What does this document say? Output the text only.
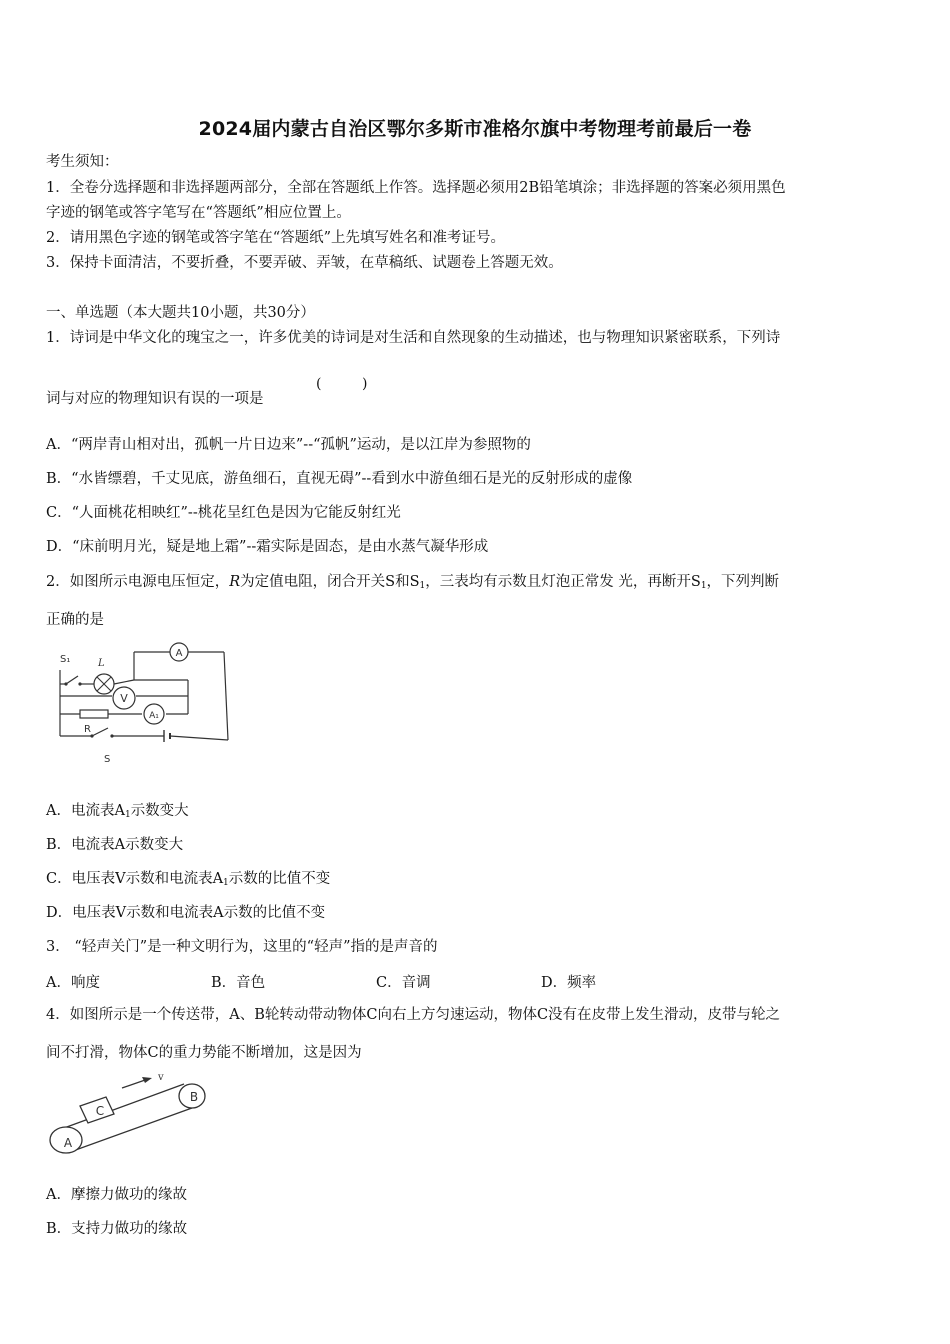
2024届内蒙古自治区鄂尔多斯市准格尔旗中考物理考前最后一卷
考生须知：
1．全卷分选择题和非选择题两部分，全部在答题纸上作答。选择题必须用2B铅笔填涂；非选择题的答案必须用黑色
字迹的钢笔或答字笔写在“答题纸”相应位置上。
2．请用黑色字迹的钢笔或答字笔在“答题纸”上先填写姓名和准考证号。
3．保持卡面清洁，不要折叠，不要弄破、弄皱，在草稿纸、试题卷上答题无效。
一、单选题（本大题共10小题，共30分）
1．诗词是中华文化的瑰宝之一，许多优美的诗词是对生活和自然现象的生动描述，也与物理知识紧密联系，下列诗
词与对应的物理知识有误的一项是
(	)
A．“两岸青山相对出，孤帆一片日边来”--“孤帆”运动，是以江岸为参照物的
B．“水皆缥碧，千丈见底，游鱼细石，直视无碍”--看到水中游鱼细石是光的反射形成的虚像
C．“人面桃花相映红”--桃花呈红色是因为它能反射红光
D．“床前明月光，疑是地上霜”--霜实际是固态，是由水蒸气凝华形成
2．如图所示电源电压恒定，R为定值电阻，闭合开关S和$S_1$，三表均有示数且灯泡正常发 光，再断开$S_1$，下列判断
正确的是
A
V
A₁
S₁	L
R
S
A．电流表$A_1$示数变大
B．电流表A示数变大
C．电压表V示数和电流表$A_1$示数的比值不变
D．电压表V示数和电流表A示数的比值不变
3． “轻声关门”是一种文明行为，这里的“轻声”指的是声音的
A．响度	B．音色	C．音调	D．频率
4．如图所示是一个传送带，A、B轮转动带动物体C向右上方匀速运动，物体C没有在皮带上发生滑动，皮带与轮之
间不打滑，物体C的重力势能不断增加，这是因为
v
C
A
B
A．摩擦力做功的缘故
B．支持力做功的缘故
